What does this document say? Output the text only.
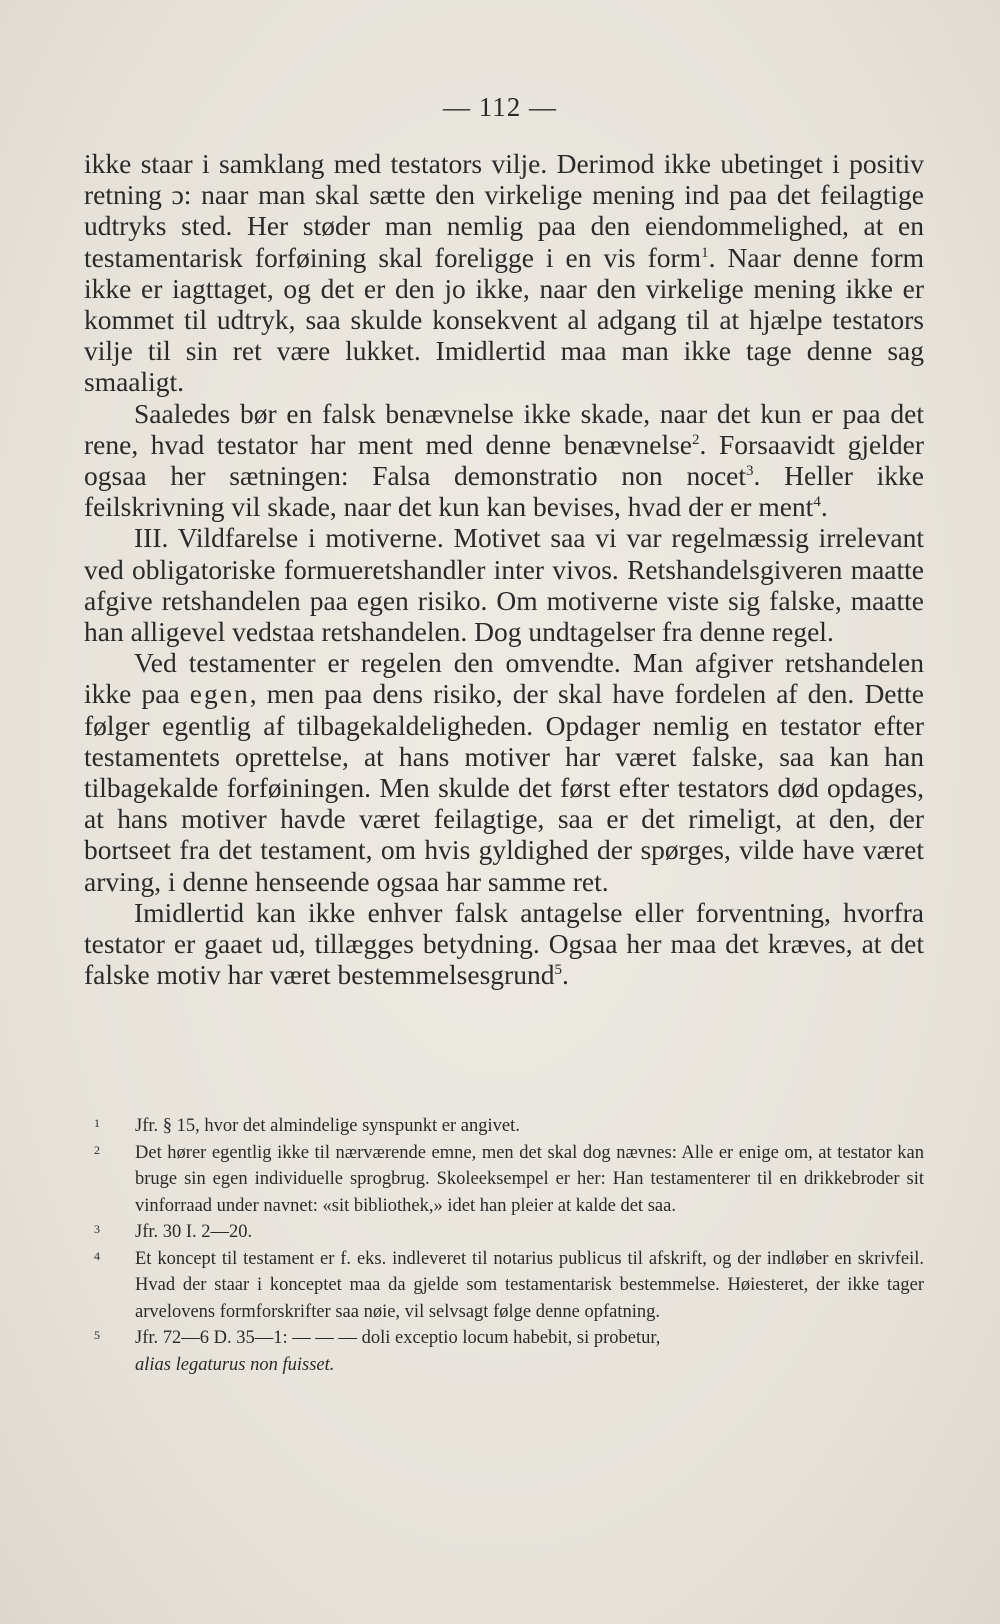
— 112 —

ikke staar i samklang med testators vilje. Derimod ikke ubetinget i positiv retning ɔ: naar man skal sætte den virkelige mening ind paa det feilagtige udtryks sted. Her støder man nemlig paa den eiendommelighed, at en testamentarisk forføining skal foreligge i en vis form$^1$. Naar denne form ikke er iagttaget, og det er den jo ikke, naar den virkelige mening ikke er kommet til udtryk, saa skulde konsekvent al adgang til at hjælpe testators vilje til sin ret være lukket. Imidlertid maa man ikke tage denne sag smaaligt.

Saaledes bør en falsk benævnelse ikke skade, naar det kun er paa det rene, hvad testator har ment med denne benævnelse$^2$. Forsaavidt gjelder ogsaa her sætningen: Falsa demonstratio non nocet$^3$. Heller ikke feilskrivning vil skade, naar det kun kan bevises, hvad der er ment$^4$.

III. Vildfarelse i motiverne. Motivet saa vi var regelmæssig irrelevant ved obligatoriske formueretshandler inter vivos. Retshandelsgiveren maatte afgive retshandelen paa egen risiko. Om motiverne viste sig falske, maatte han alligevel vedstaa retshandelen. Dog undtagelser fra denne regel.

Ved testamenter er regelen den omvendte. Man afgiver retshandelen ikke paa egen, men paa dens risiko, der skal have fordelen af den. Dette følger egentlig af tilbagekaldeligheden. Opdager nemlig en testator efter testamentets oprettelse, at hans motiver har været falske, saa kan han tilbagekalde forføiningen. Men skulde det først efter testators død opdages, at hans motiver havde været feilagtige, saa er det rimeligt, at den, der bortseet fra det testament, om hvis gyldighed der spørges, vilde have været arving, i denne henseende ogsaa har samme ret.

Imidlertid kan ikke enhver falsk antagelse eller forventning, hvorfra testator er gaaet ud, tillægges betydning. Ogsaa her maa det kræves, at det falske motiv har været bestemmelsesgrund$^5$.

1 Jfr. § 15, hvor det almindelige synspunkt er angivet.

2 Det hører egentlig ikke til nærværende emne, men det skal dog nævnes: Alle er enige om, at testator kan bruge sin egen individuelle sprogbrug. Skoleeksempel er her: Han testamenterer til en drikkebroder sit vinforraad under navnet: «sit bibliothek,» idet han pleier at kalde det saa.

3 Jfr. 30 I. 2—20.

4 Et koncept til testament er f. eks. indleveret til notarius publicus til afskrift, og der indløber en skrivfeil. Hvad der staar i konceptet maa da gjelde som testamentarisk bestemmelse. Høiesteret, der ikke tager arvelovens formforskrifter saa nøie, vil selvsagt følge denne opfatning.

5 Jfr. 72—6 D. 35—1: — — — doli exceptio locum habebit, si probetur,
alias legaturus non fuisset.
